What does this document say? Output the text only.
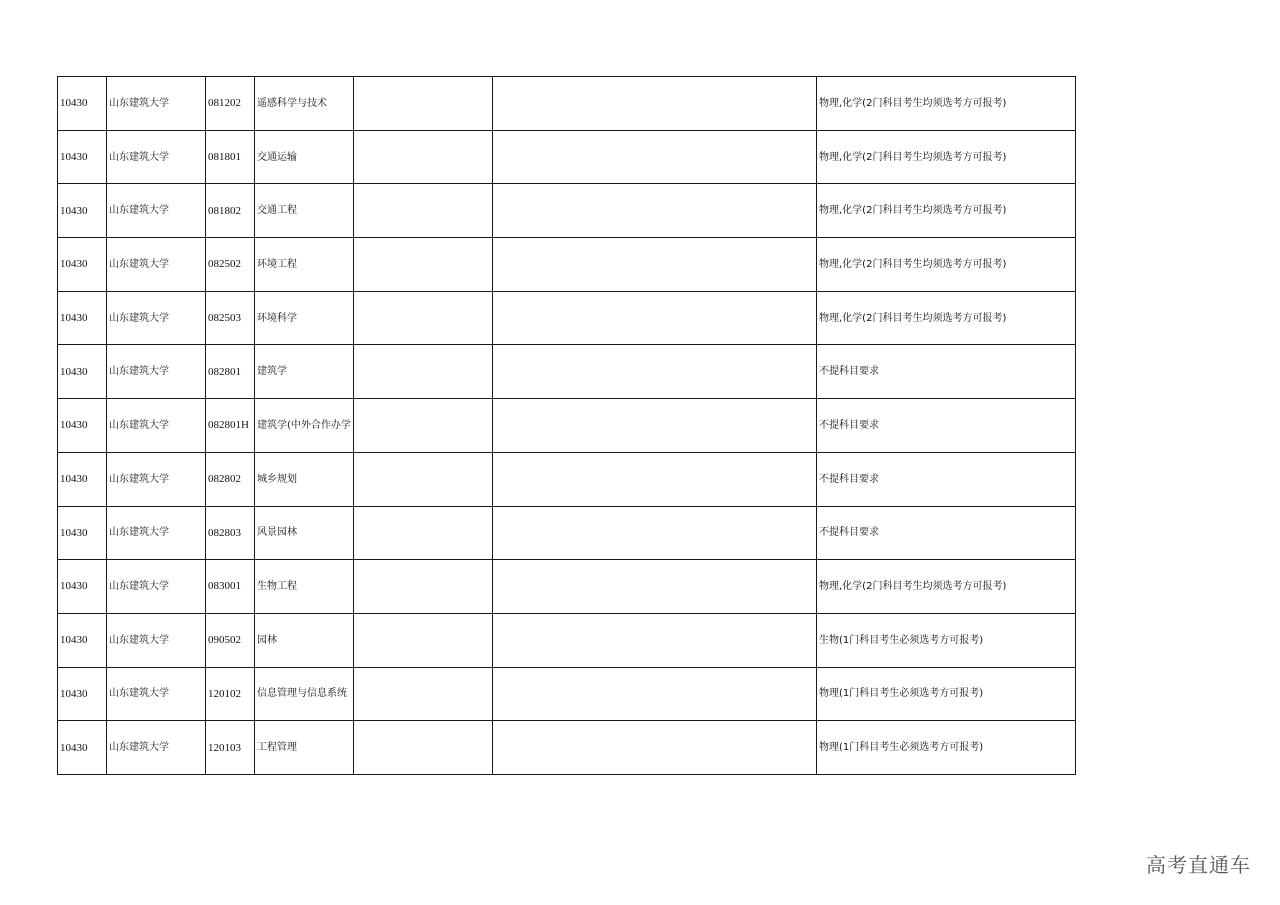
10430	山东建筑大学	081202	遥感科学与技术			物理,化学(2门科目考生均须选考方可报考)
10430	山东建筑大学	081801	交通运输			物理,化学(2门科目考生均须选考方可报考)
10430	山东建筑大学	081802	交通工程			物理,化学(2门科目考生均须选考方可报考)
10430	山东建筑大学	082502	环境工程			物理,化学(2门科目考生均须选考方可报考)
10430	山东建筑大学	082503	环境科学			物理,化学(2门科目考生均须选考方可报考)
10430	山东建筑大学	082801	建筑学			不提科目要求
10430	山东建筑大学	082801H	建筑学(中外合作办学			不提科目要求
10430	山东建筑大学	082802	城乡规划			不提科目要求
10430	山东建筑大学	082803	风景园林			不提科目要求
10430	山东建筑大学	083001	生物工程			物理,化学(2门科目考生均须选考方可报考)
10430	山东建筑大学	090502	园林			生物(1门科目考生必须选考方可报考)
10430	山东建筑大学	120102	信息管理与信息系统			物理(1门科目考生必须选考方可报考)
10430	山东建筑大学	120103	工程管理			物理(1门科目考生必须选考方可报考)
高考直通车
